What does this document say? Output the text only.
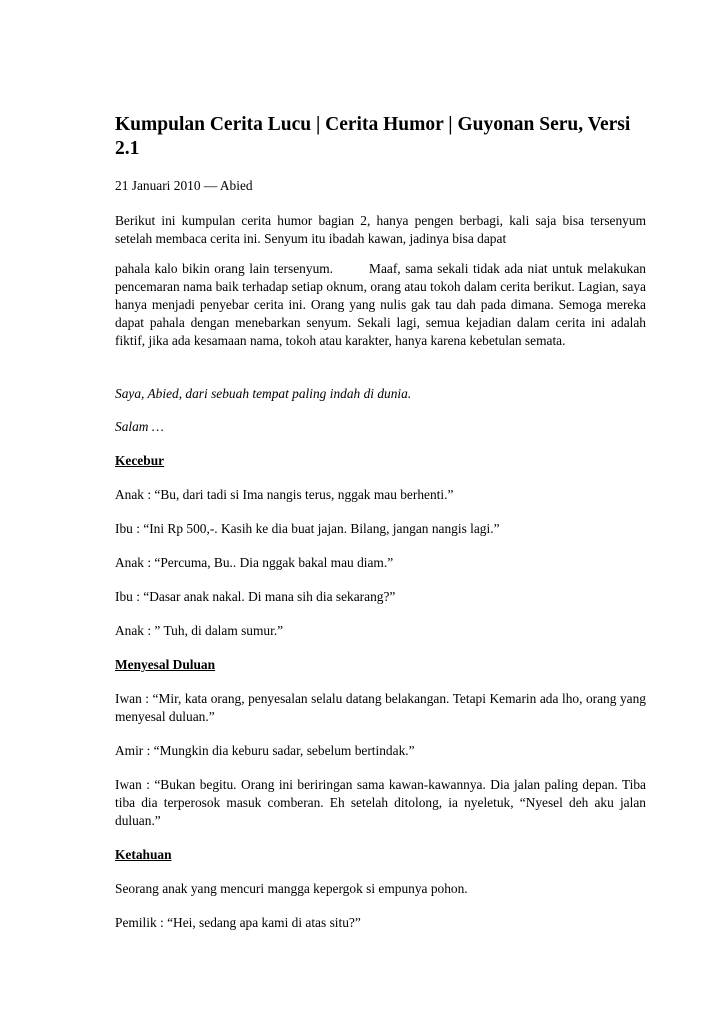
Kumpulan Cerita Lucu | Cerita Humor | Guyonan Seru, Versi 2.1
21 Januari 2010 — Abied

Berikut ini kumpulan cerita humor bagian 2, hanya pengen berbagi, kali saja bisa tersenyum setelah membaca cerita ini. Senyum itu ibadah kawan, jadinya bisa dapat

pahala kalo bikin orang lain tersenyum.	Maaf, sama sekali tidak ada niat untuk melakukan pencemaran nama baik terhadap setiap oknum, orang atau tokoh dalam cerita berikut. Lagian, saya hanya menjadi penyebar cerita ini. Orang yang nulis gak tau dah pada dimana. Semoga mereka dapat pahala dengan menebarkan senyum. Sekali lagi, semua kejadian dalam cerita ini adalah fiktif, jika ada kesamaan nama, tokoh atau karakter, hanya karena kebetulan semata.

Saya, Abied, dari sebuah tempat paling indah di dunia.

Salam …

Kecebur

Anak : “Bu, dari tadi si Ima nangis terus, nggak mau berhenti.”

Ibu : “Ini Rp 500,-. Kasih ke dia buat jajan. Bilang, jangan nangis lagi.”

Anak : “Percuma, Bu.. Dia nggak bakal mau diam.”

Ibu : “Dasar anak nakal. Di mana sih dia sekarang?”

Anak : ” Tuh, di dalam sumur.”

Menyesal Duluan

Iwan : “Mir, kata orang, penyesalan selalu datang belakangan. Tetapi Kemarin ada lho, orang yang menyesal duluan.”

Amir : “Mungkin dia keburu sadar, sebelum bertindak.”

Iwan : “Bukan begitu. Orang ini beriringan sama kawan-kawannya. Dia jalan paling depan. Tiba tiba dia terperosok masuk comberan. Eh setelah ditolong, ia nyeletuk, “Nyesel deh aku jalan duluan.”

Ketahuan

Seorang anak yang mencuri mangga kepergok si empunya pohon.

Pemilik : “Hei, sedang apa kami di atas situ?”
